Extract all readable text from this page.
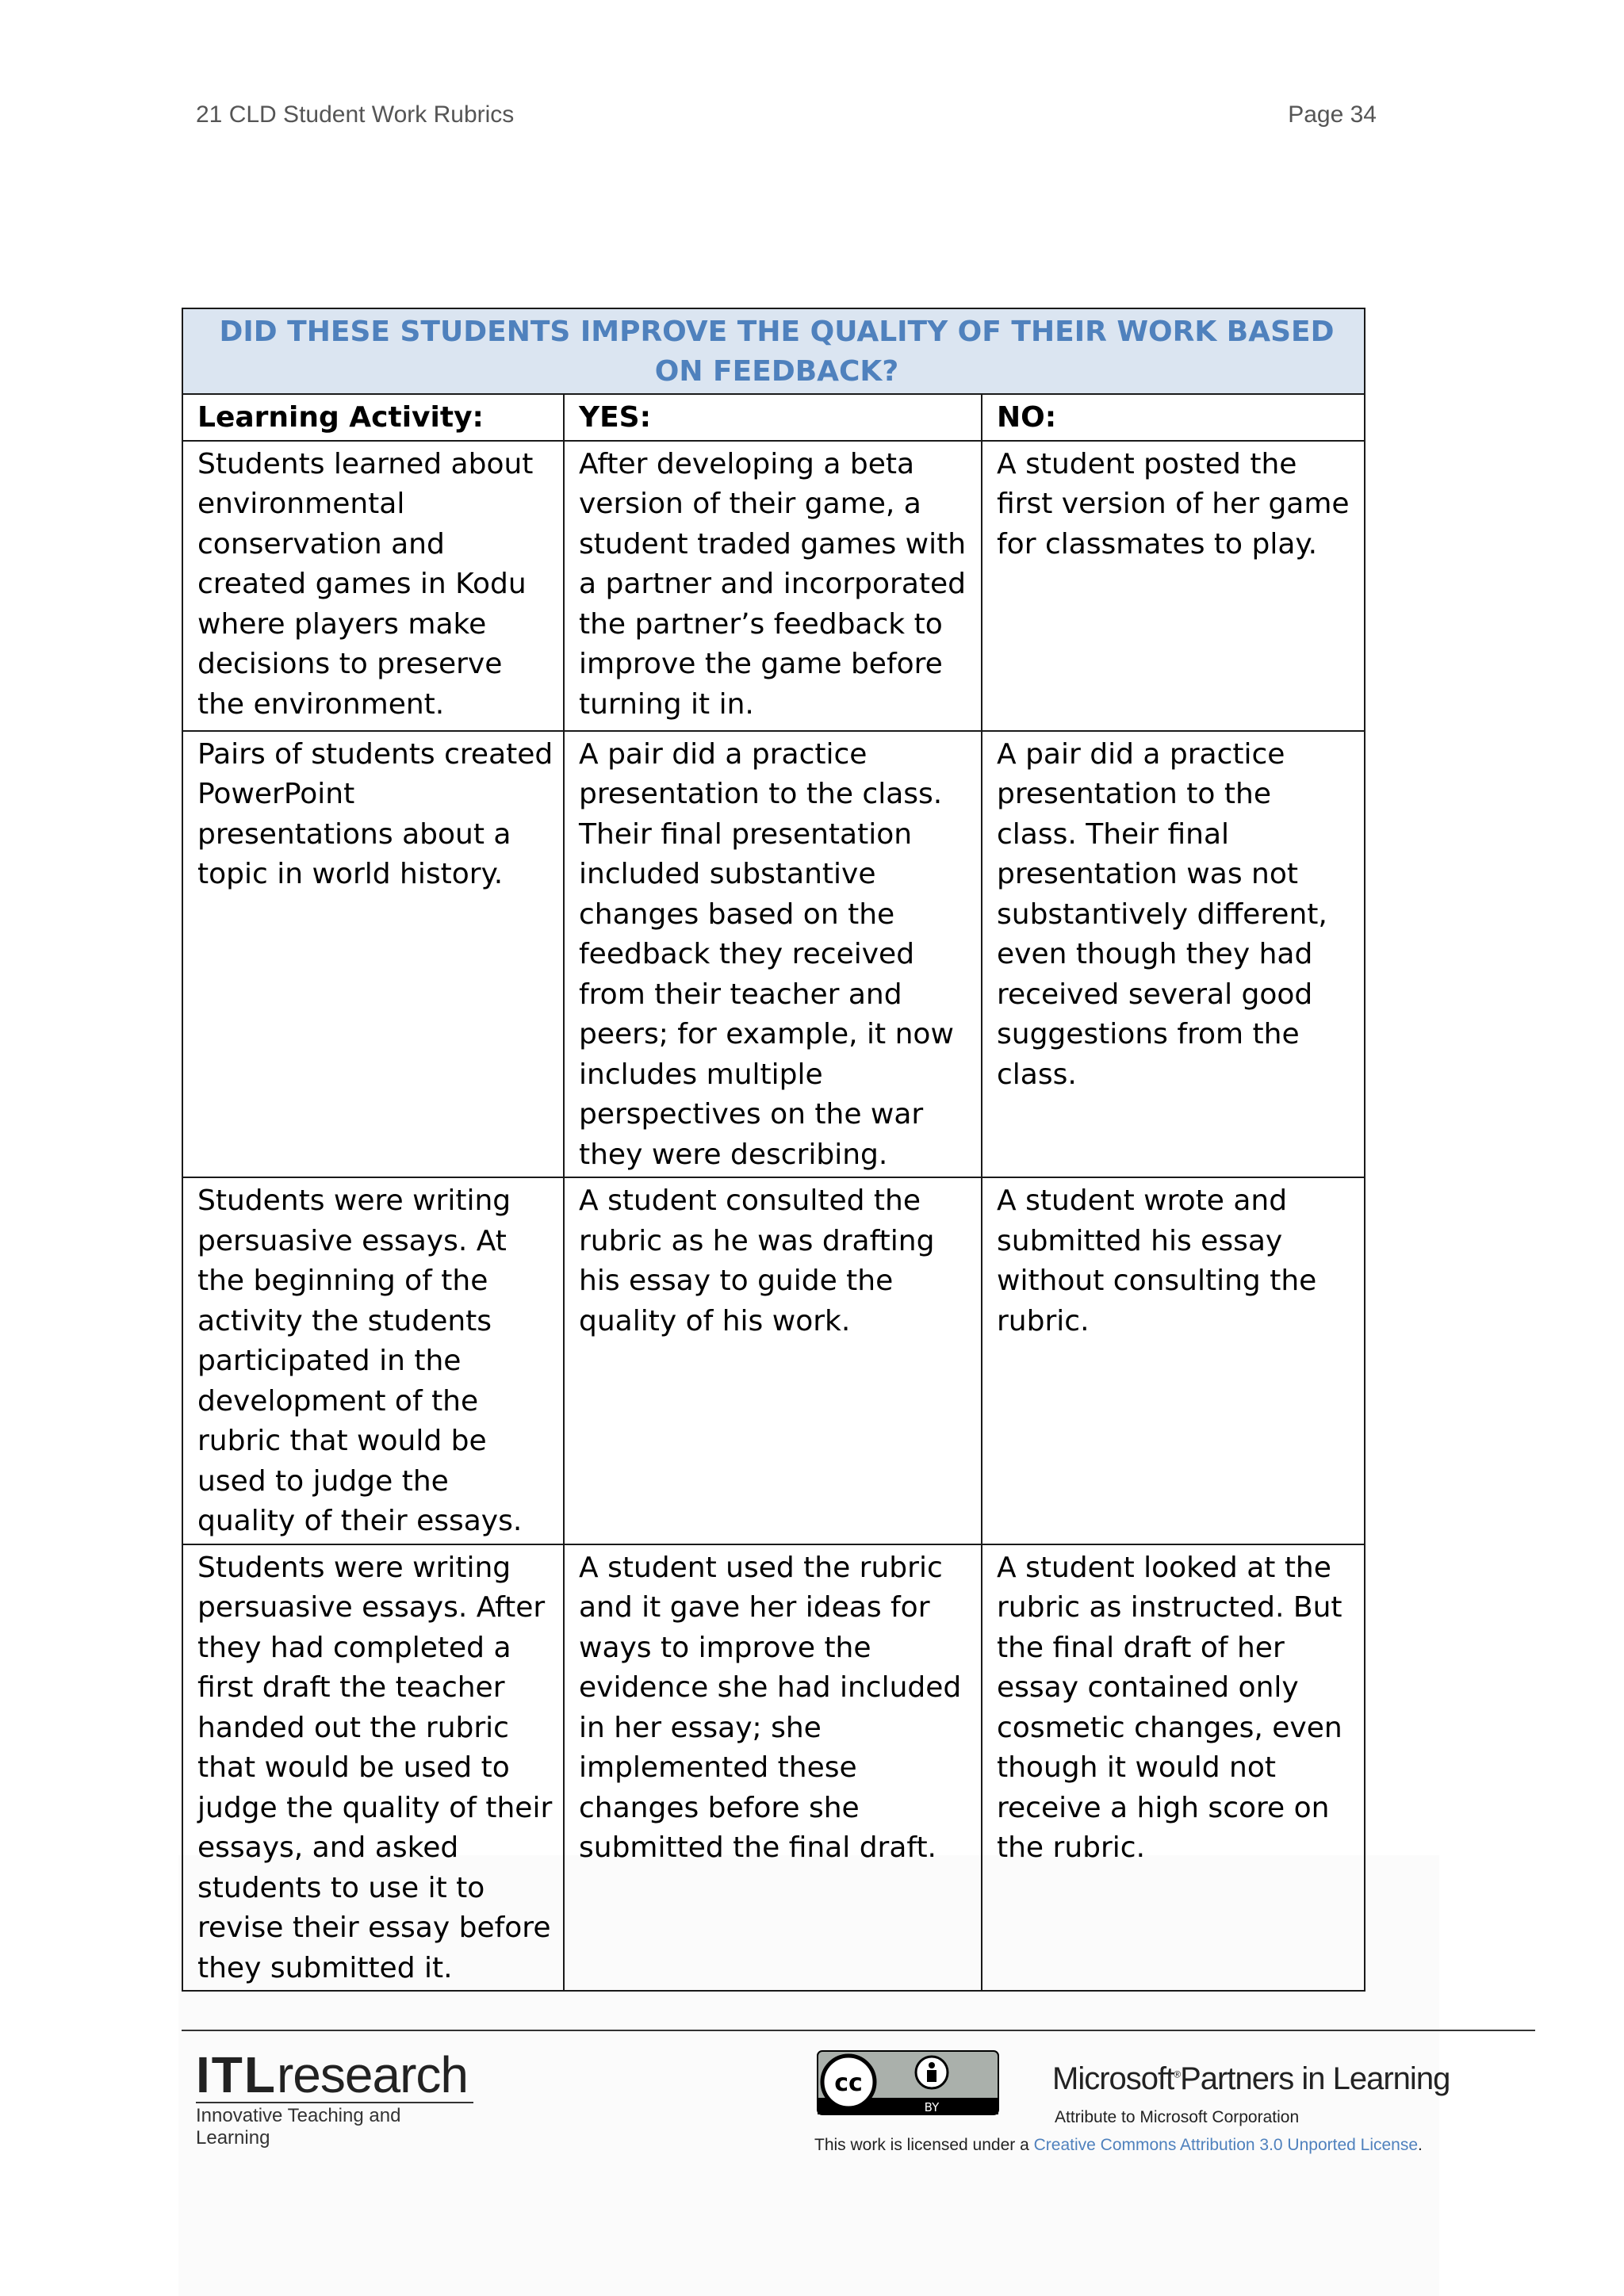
21 CLD Student Work Rubrics	Page 34
DID THESE STUDENTS IMPROVE THE QUALITY OF THEIR WORK BASED ON FEEDBACK?		
Learning Activity:	YES:	NO:
Students learned about environmental conservation and created games in Kodu where players make decisions to preserve the environment.	After developing a beta version of their game, a student traded games with a partner and incorporated the partner’s feedback to improve the game before turning it in.	A student posted the first version of her game for classmates to play.
Pairs of students created PowerPoint presentations about a topic in world history.	A pair did a practice presentation to the class. Their final presentation included substantive changes based on the feedback they received from their teacher and peers; for example, it now includes multiple perspectives on the war they were describing.	A pair did a practice presentation to the class. Their final presentation was not substantively different, even though they had received several good suggestions from the class.
Students were writing persuasive essays. At the beginning of the activity the students participated in the development of the rubric that would be used to judge the quality of their essays.	A student consulted the rubric as he was drafting his essay to guide the quality of his work.	A student wrote and submitted his essay without consulting the rubric.
Students were writing persuasive essays. After they had completed a first draft the teacher handed out the rubric that would be used to judge the quality of their essays, and asked students to use it to revise their essay before they submitted it.	A student used the rubric and it gave her ideas for ways to improve the evidence she had included in her essay; she implemented these changes before she submitted the final draft.	A student looked at the rubric as instructed. But the final draft of her essay contained only cosmetic changes, even though it would not receive a high score on the rubric.
ITLresearch
Innovative Teaching and Learning
cc
BY
Microsoft®Partners in Learning
Attribute to Microsoft Corporation
This work is licensed under a Creative Commons Attribution 3.0 Unported License.
